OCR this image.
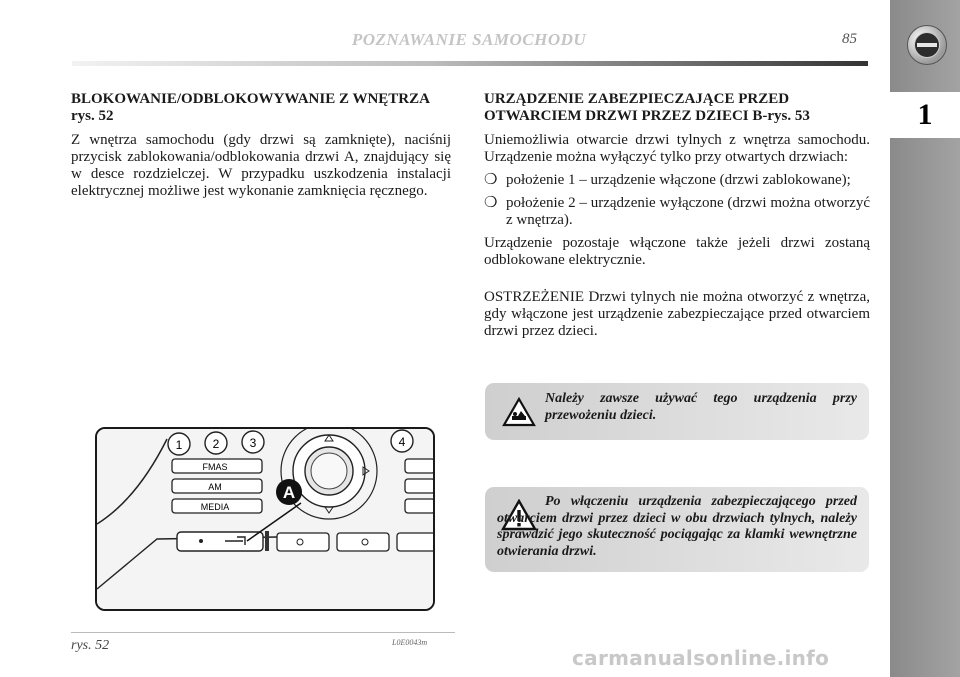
1
POZNAWANIE SAMOCHODU	85
BLOKOWANIE/ODBLOKOWYWANIE Z WNĘTRZA
rys. 52

Z wnętrza samochodu (gdy drzwi są zamknięte), naciśnij przycisk zablokowania/odblokowania drzwi A, znajdujący się w desce rozdzielczej. W przypadku uszkodzenia instalacji elektrycznej możliwe jest wykonanie zamknięcia ręcznego.

URZĄDZENIE ZABEZPIECZAJĄCE PRZED
OTWARCIEM DRZWI PRZEZ DZIECI B-rys. 53

Uniemożliwia otwarcie drzwi tylnych z wnętrza samochodu. Urządzenie można wyłączyć tylko przy otwartych drzwiach:

❍ położenie 1 – urządzenie włączone (drzwi zablokowane);
❍ położenie 2 – urządzenie wyłączone (drzwi można otworzyć z wnętrza).

Urządzenie pozostaje włączone także jeżeli drzwi zostaną odblokowane elektrycznie.

OSTRZEŻENIE Drzwi tylnych nie można otworzyć z wnętrza, gdy włączone jest urządzenie zabezpieczające przed otwarciem drzwi przez dzieci.

Należy zawsze używać tego urządzenia przy przewożeniu dzieci.
Po włączeniu urządzenia zabezpieczającego przed otwarciem drzwi przez dzieci w obu drzwiach tylnych, należy sprawdzić jego skuteczność pociągając za klamki wewnętrzne otwierania drzwi.
1	2	3	4
FMAS
AM
MEDIA
A
rys. 52	L0E0043m
carmanualsonline.info
